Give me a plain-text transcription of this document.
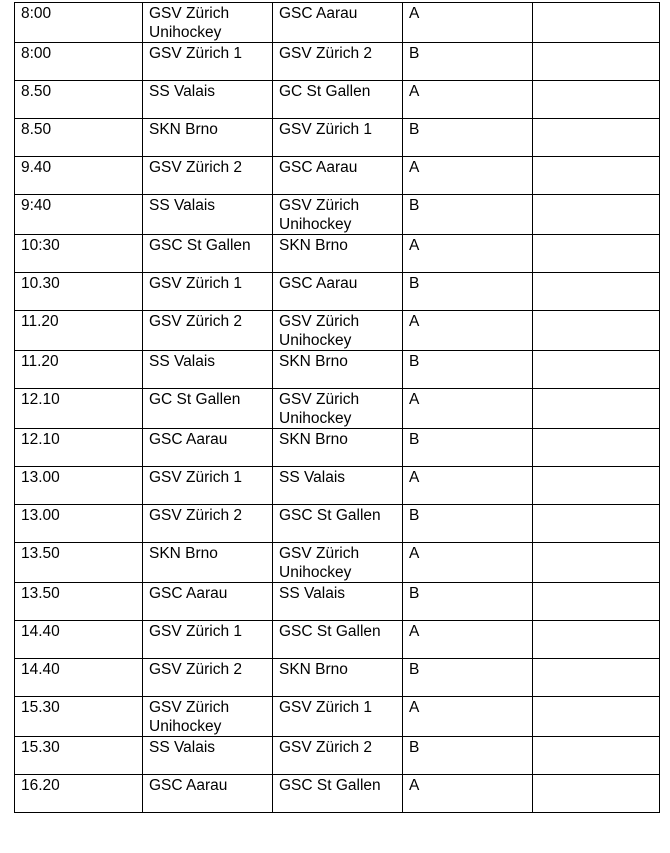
8:00	GSV Zürich Unihockey	GSC Aarau	A	
8:00	GSV Zürich 1	GSV Zürich 2	B	
8.50	SS Valais	GC St Gallen	A	
8.50	SKN Brno	GSV Zürich 1	B	
9.40	GSV Zürich 2	GSC Aarau	A	
9:40	SS Valais	GSV Zürich Unihockey	B	
10:30	GSC St Gallen	SKN Brno	A	
10.30	GSV Zürich 1	GSC Aarau	B	
11.20	GSV Zürich 2	GSV Zürich Unihockey	A	
11.20	SS Valais	SKN Brno	B	
12.10	GC St Gallen	GSV Zürich Unihockey	A	
12.10	GSC Aarau	SKN Brno	B	
13.00	GSV Zürich 1	SS Valais	A	
13.00	GSV Zürich 2	GSC St Gallen	B	
13.50	SKN Brno	GSV Zürich Unihockey	A	
13.50	GSC Aarau	SS Valais	B	
14.40	GSV Zürich 1	GSC St Gallen	A	
14.40	GSV Zürich 2	SKN Brno	B	
15.30	GSV Zürich Unihockey	GSV Zürich 1	A	
15.30	SS Valais	GSV Zürich 2	B	
16.20	GSC Aarau	GSC St Gallen	A	
